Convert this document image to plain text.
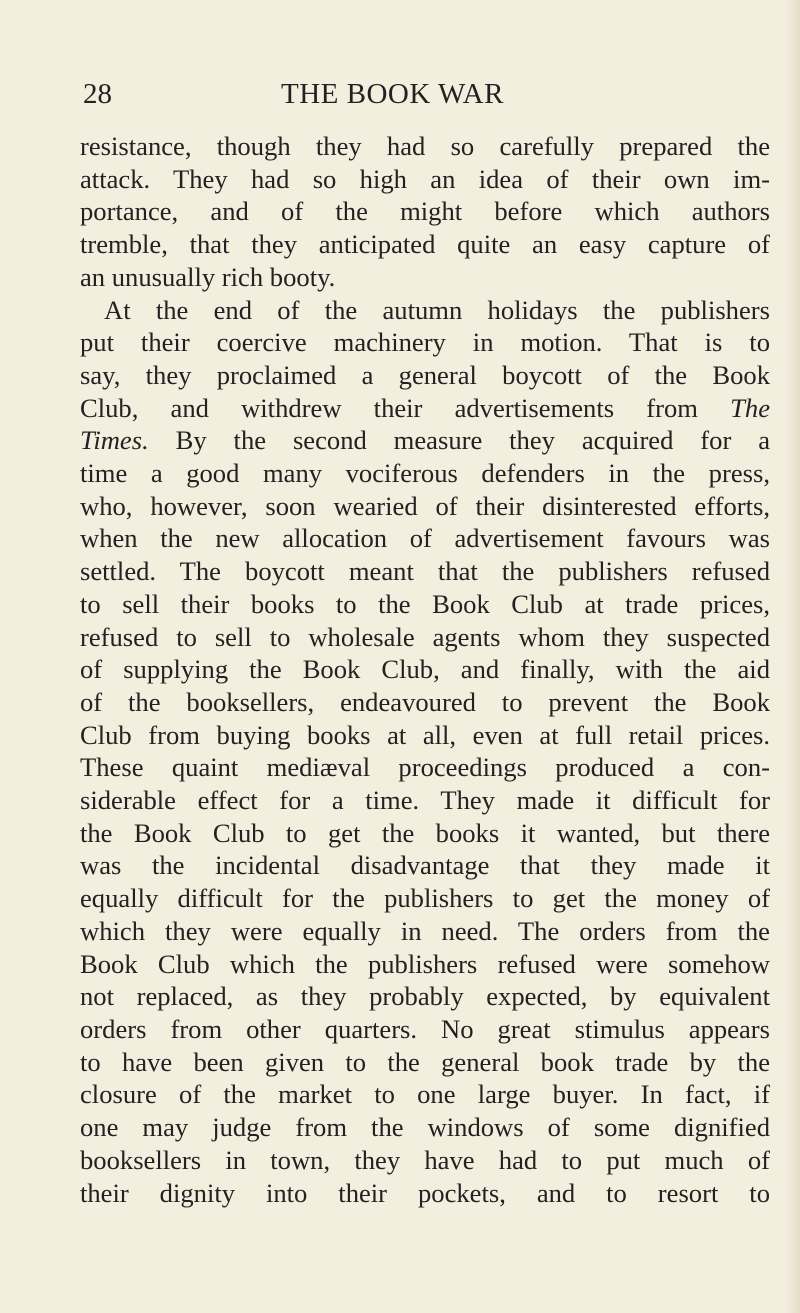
28	THE BOOK WAR
resistance, though they had so carefully prepared the
attack. They had so high an idea of their own im-
portance, and of the might before which authors
tremble, that they anticipated quite an easy capture of
an unusually rich booty.
At the end of the autumn holidays the publishers
put their coercive machinery in motion. That is to
say, they proclaimed a general boycott of the Book
Club, and withdrew their advertisements from The
Times. By the second measure they acquired for a
time a good many vociferous defenders in the press,
who, however, soon wearied of their disinterested efforts,
when the new allocation of advertisement favours was
settled. The boycott meant that the publishers refused
to sell their books to the Book Club at trade prices,
refused to sell to wholesale agents whom they suspected
of supplying the Book Club, and finally, with the aid
of the booksellers, endeavoured to prevent the Book
Club from buying books at all, even at full retail prices.
These quaint mediæval proceedings produced a con-
siderable effect for a time. They made it difficult for
the Book Club to get the books it wanted, but there
was the incidental disadvantage that they made it
equally difficult for the publishers to get the money of
which they were equally in need. The orders from the
Book Club which the publishers refused were somehow
not replaced, as they probably expected, by equivalent
orders from other quarters. No great stimulus appears
to have been given to the general book trade by the
closure of the market to one large buyer. In fact, if
one may judge from the windows of some dignified
booksellers in town, they have had to put much of
their dignity into their pockets, and to resort to
